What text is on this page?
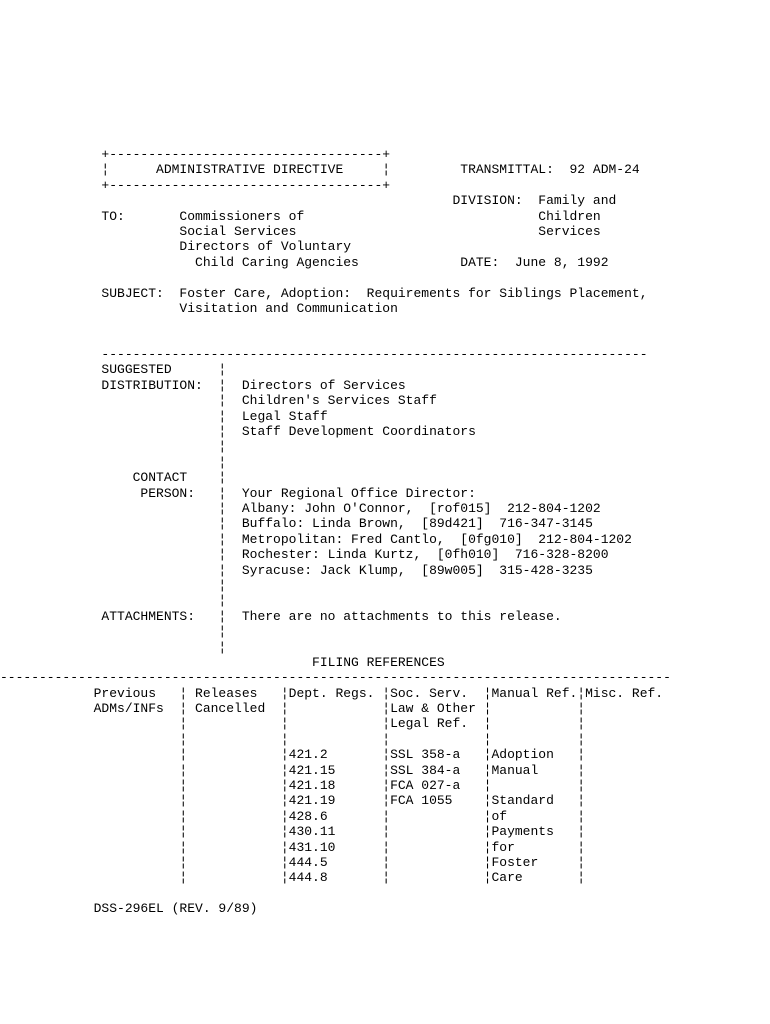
+-----------------------------------+
¦      ADMINISTRATIVE DIRECTIVE     ¦         TRANSMITTAL:  92 ADM-24
+-----------------------------------+
DIVISION:  Family and
TO:       Commissioners of                              Children
Social Services                               Services
Directors of Voluntary
Child Caring Agencies             DATE:  June 8, 1992
SUBJECT:  Foster Care, Adoption:  Requirements for Siblings Placement,
Visitation and Communication
----------------------------------------------------------------------
SUGGESTED      ¦
DISTRIBUTION:  ¦  Directors of Services
¦  Children's Services Staff
¦  Legal Staff
¦  Staff Development Coordinators
¦
¦
CONTACT    ¦
PERSON:   ¦  Your Regional Office Director:
¦  Albany: John O'Connor,  [rof015]  212-804-1202
¦  Buffalo: Linda Brown,  [89d421]  716-347-3145
¦  Metropolitan: Fred Cantlo,  [0fg010]  212-804-1202
¦  Rochester: Linda Kurtz,  [0fh010]  716-328-8200
¦  Syracuse: Jack Klump,  [89w005]  315-428-3235
¦
¦
ATTACHMENTS:   ¦  There are no attachments to this release.
¦
¦
FILING REFERENCES
--------------------------------------------------------------------------------------
Previous   ¦ Releases   ¦Dept. Regs. ¦Soc. Serv.  ¦Manual Ref.¦Misc. Ref.
ADMs/INFs  ¦ Cancelled  ¦            ¦Law & Other ¦           ¦
¦            ¦            ¦Legal Ref.  ¦           ¦
¦            ¦            ¦            ¦           ¦
¦            ¦421.2       ¦SSL 358-a   ¦Adoption   ¦
¦            ¦421.15      ¦SSL 384-a   ¦Manual     ¦
¦            ¦421.18      ¦FCA 027-a   ¦           ¦
¦            ¦421.19      ¦FCA 1055    ¦Standard   ¦
¦            ¦428.6       ¦            ¦of         ¦
¦            ¦430.11      ¦            ¦Payments   ¦
¦            ¦431.10      ¦            ¦for        ¦
¦            ¦444.5       ¦            ¦Foster     ¦
¦            ¦444.8       ¦            ¦Care       ¦
DSS-296EL (REV. 9/89)
